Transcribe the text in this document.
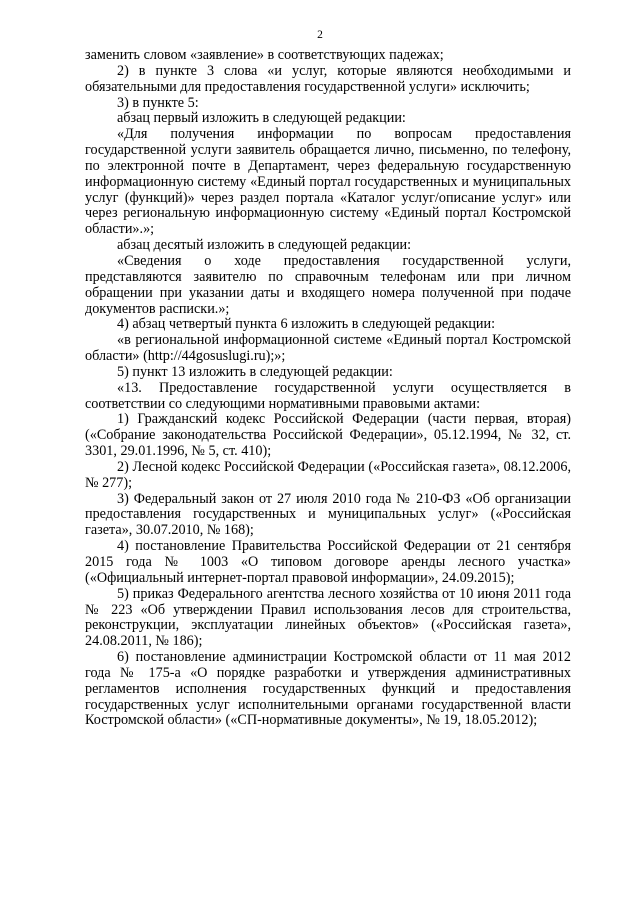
2

заменить словом «заявление» в соответствующих падежах;

2) в пункте 3 слова «и услуг, которые являются необходимыми и обязательными для предоставления государственной услуги» исключить;

3) в пункте 5:

абзац первый изложить в следующей редакции:

«Для получения информации по вопросам предоставления государственной услуги заявитель обращается лично, письменно, по телефону, по электронной почте в Департамент, через федеральную государственную информационную систему «Единый портал государственных и муниципальных услуг (функций)» через раздел портала «Каталог услуг/описание услуг» или через региональную информационную систему «Единый портал Костромской области».»;

абзац десятый изложить в следующей редакции:

«Сведения о ходе предоставления государственной услуги, представляются заявителю по справочным телефонам или при личном обращении при указании даты и входящего номера полученной при подаче документов расписки.»;

4) абзац четвертый пункта 6 изложить в следующей редакции:

«в региональной информационной системе «Единый портал Костромской области» (http://44gosuslugi.ru);»;

5) пункт 13 изложить в следующей редакции:

«13. Предоставление государственной услуги осуществляется в соответствии со следующими нормативными правовыми актами:

1) Гражданский кодекс Российской Федерации (части первая, вторая) («Собрание законодательства Российской Федерации», 05.12.1994, № 32, ст. 3301, 29.01.1996, № 5, ст. 410);

2) Лесной кодекс Российской Федерации («Российская газета», 08.12.2006, № 277);

3) Федеральный закон от 27 июля 2010 года № 210-ФЗ «Об организации предоставления государственных и муниципальных услуг» («Российская газета», 30.07.2010, № 168);

4) постановление Правительства Российской Федерации от 21 сентября 2015 года № 1003 «О типовом договоре аренды лесного участка» («Официальный интернет-портал правовой информации», 24.09.2015);

5) приказ Федерального агентства лесного хозяйства от 10 июня 2011 года № 223 «Об утверждении Правил использования лесов для строительства, реконструкции, эксплуатации линейных объектов» («Российская газета», 24.08.2011, № 186);

6) постановление администрации Костромской области от 11 мая 2012 года № 175-а «О порядке разработки и утверждения административных регламентов исполнения государственных функций и предоставления государственных услуг исполнительными органами государственной власти Костромской области» («СП-нормативные документы», № 19, 18.05.2012);
